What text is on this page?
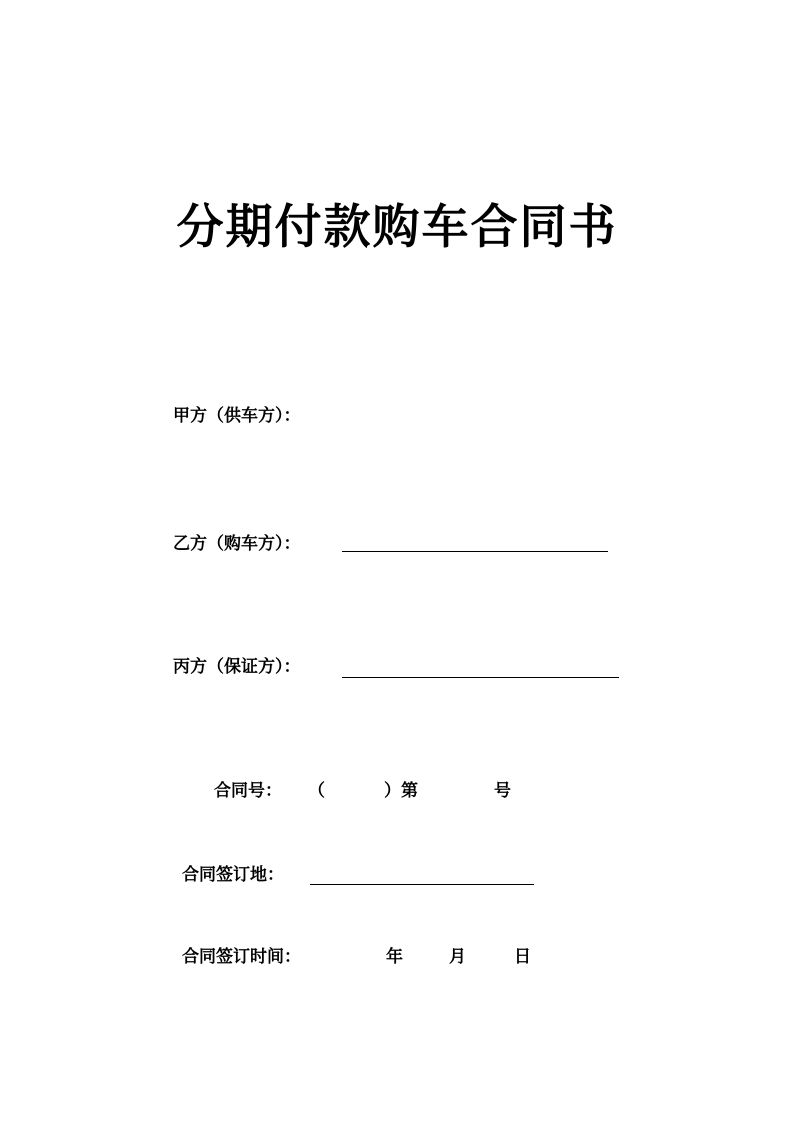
分期付款购车合同书
甲方（供车方）：
乙方（购车方）：
丙方（保证方）：
合同号： （	）第	号
合同签订地：
合同签订时间：	年	月	日
